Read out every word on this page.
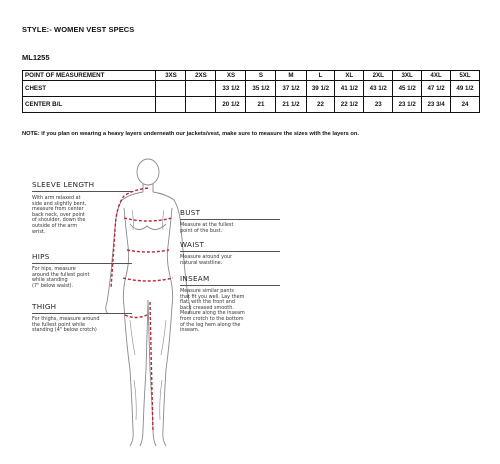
STYLE:- WOMEN VEST SPECS
ML1255
POINT OF MEASUREMENT	3XS	2XS	XS	S	M	L	XL	2XL	3XL	4XL	5XL
CHEST			33 1/2	35 1/2	37 1/2	39 1/2	41 1/2	43 1/2	45 1/2	47 1/2	49 1/2
CENTER B/L			20 1/2	21	21 1/2	22	22 1/2	23	23 1/2	23 3/4	24
NOTE: if you plan on wearing a heavy layers underneath our jackets/vest, make sure to measure the sizes with the layers on.
SLEEVE LENGTH
With arm relaxed at
side and slightly bent,
measure from center
back neck, over point
of shoulder, down the
outside of the arm
wrist.
HIPS
For hips, measure
around the fullest point
while standing
(7" below waist).
THIGH
For thighs, measure around
the fullest point while
standing (4" below crotch)
BUST
Measure at the fullest
point of the bust.
WAIST
Measure around your
natural waistline.
INSEAM
Measure similar pants
that fit you well. Lay them
flat, with the front and
back creased smooth.
Measure along the inseam
from crotch to the bottom
of the leg hem along the
inseam.
